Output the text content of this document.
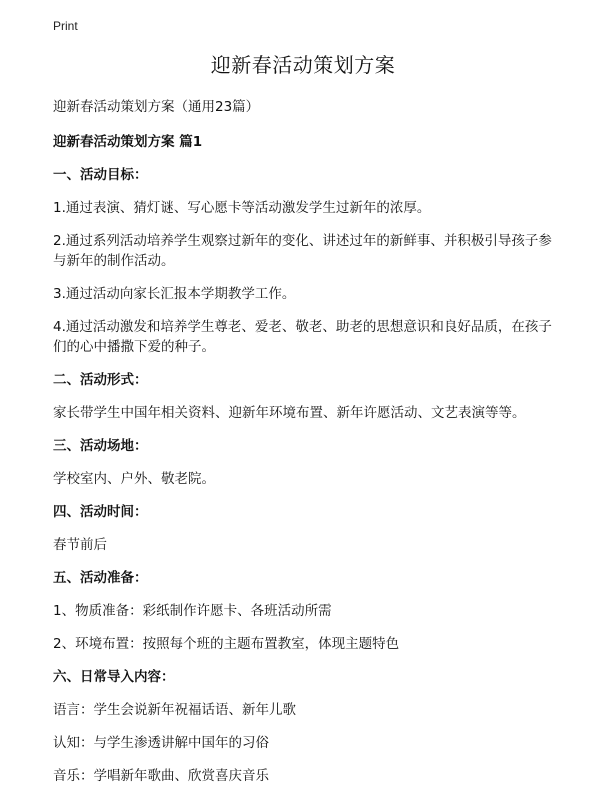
Print
迎新春活动策划方案

迎新春活动策划方案（通用23篇）

迎新春活动策划方案 篇1

一、活动目标：

1.通过表演、猜灯谜、写心愿卡等活动激发学生过新年的浓厚。

2.通过系列活动培养学生观察过新年的变化、讲述过年的新鲜事、并积极引导孩子参与新年的制作活动。

3.通过活动向家长汇报本学期教学工作。

4.通过活动激发和培养学生尊老、爱老、敬老、助老的思想意识和良好品质，在孩子们的心中播撒下爱的种子。

二、活动形式：

家长带学生中国年相关资料、迎新年环境布置、新年许愿活动、文艺表演等等。

三、活动场地：

学校室内、户外、敬老院。

四、活动时间：

春节前后

五、活动准备：

1、物质准备：彩纸制作许愿卡、各班活动所需

2、环境布置：按照每个班的主题布置教室，体现主题特色

六、日常导入内容：

语言：学生会说新年祝福话语、新年儿歌

认知：与学生渗透讲解中国年的习俗

音乐：学唱新年歌曲、欣赏喜庆音乐
